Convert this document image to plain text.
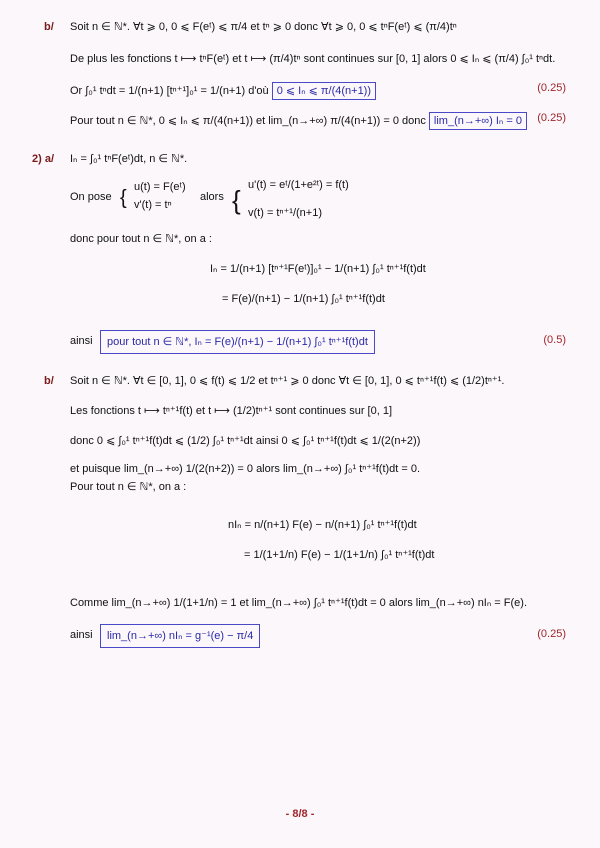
b/ Soit n ∈ ℕ*. ∀t ⩾ 0, 0 ⩽ F(eᵗ) ⩽ π/4 et tⁿ ⩾ 0 donc ∀t ⩾ 0, 0 ⩽ tⁿF(eᵗ) ⩽ (π/4)tⁿ
De plus les fonctions t ⟼ tⁿF(eᵗ) et t ⟼ (π/4)tⁿ sont continues sur [0, 1] alors 0 ⩽ Iₙ ⩽ (π/4) ∫₀¹ tⁿdt.
Or ∫₀¹ tⁿdt = 1/(n+1) [tⁿ⁺¹]₀¹ = 1/(n+1) d'où 0 ⩽ Iₙ ⩽ π/(4(n+1))	(0.25)
Pour tout n ∈ ℕ*, 0 ⩽ Iₙ ⩽ π/(4(n+1)) et lim_(n→+∞) π/(4(n+1)) = 0 donc lim_(n→+∞) Iₙ = 0	(0.25)
2) a/ Iₙ = ∫₀¹ tⁿF(eᵗ)dt, n ∈ ℕ*.
On pose { u(t) = F(eᵗ)
v'(t) = tⁿ
alors { u'(t) = eᵗ/(1+e²ᵗ) = f(t)
v(t) = tⁿ⁺¹/(n+1)
donc pour tout n ∈ ℕ*, on a :
Iₙ = 1/(n+1) [tⁿ⁺¹F(eᵗ)]₀¹ − 1/(n+1) ∫₀¹ tⁿ⁺¹f(t)dt
= F(e)/(n+1) − 1/(n+1) ∫₀¹ tⁿ⁺¹f(t)dt
ainsi	pour tout n ∈ ℕ*, Iₙ = F(e)/(n+1) − 1/(n+1) ∫₀¹ tⁿ⁺¹f(t)dt	(0.5)
b/ Soit n ∈ ℕ*. ∀t ∈ [0, 1], 0 ⩽ f(t) ⩽ 1/2 et tⁿ⁺¹ ⩾ 0 donc ∀t ∈ [0, 1], 0 ⩽ tⁿ⁺¹f(t) ⩽ (1/2)tⁿ⁺¹.
Les fonctions t ⟼ tⁿ⁺¹f(t) et t ⟼ (1/2)tⁿ⁺¹ sont continues sur [0, 1]
donc 0 ⩽ ∫₀¹ tⁿ⁺¹f(t)dt ⩽ (1/2) ∫₀¹ tⁿ⁺¹dt ainsi 0 ⩽ ∫₀¹ tⁿ⁺¹f(t)dt ⩽ 1/(2(n+2))
et puisque lim_(n→+∞) 1/(2(n+2)) = 0 alors lim_(n→+∞) ∫₀¹ tⁿ⁺¹f(t)dt = 0.
Pour tout n ∈ ℕ*, on a :
nIₙ = n/(n+1) F(e) − n/(n+1) ∫₀¹ tⁿ⁺¹f(t)dt
= 1/(1+1/n) F(e) − 1/(1+1/n) ∫₀¹ tⁿ⁺¹f(t)dt
Comme lim_(n→+∞) 1/(1+1/n) = 1 et lim_(n→+∞) ∫₀¹ tⁿ⁺¹f(t)dt = 0 alors lim_(n→+∞) nIₙ = F(e).
ainsi	lim_(n→+∞) nIₙ = g⁻¹(e) − π/4	(0.25)
- 8/8 -
